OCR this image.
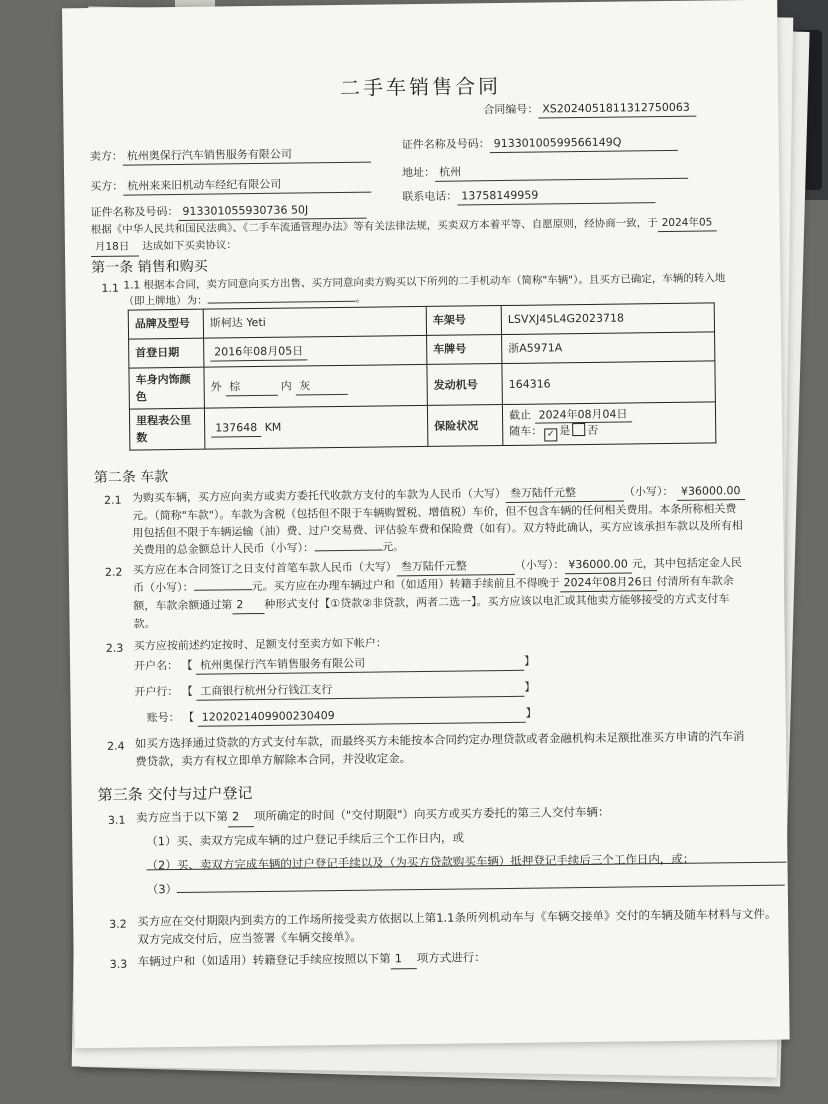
二手车销售合同
合同编号： XS2024051811312750063
卖方： 杭州奥保行汽车销售服务有限公司
证件名称及号码： 91330100599566149Q
买方： 杭州来来旧机动车经纪有限公司
地址： 杭州
证件名称及号码： 913301055930736 50J
联系电话： 13758149959
根据《中华人民共和国民法典》、《二手车流通管理办法》等有关法律法规，买卖双方本着平等、自愿原则，经协商一致，于 2024年05
月18日 达成如下买卖协议：
第一条 销售和购买
1.1 1.1 根据本合同，卖方同意向买方出售、买方同意向卖方购买以下所列的二手机动车（简称"车辆"）。且买方已确定，车辆的转入地（即上牌地）为：	。
品牌及型号	斯柯达 Yeti	车架号	LSVXJ45L4G2023718
首登日期	2016年08月05日	车牌号	浙A5971A
车身内饰颜色	外 棕 内 灰	发动机号	164316
里程表公里数	137648 KM	保险状况	截止 2024年08月04日
随车： ✓ 是 否
第二条 车款
2.1 为购买车辆，买方应向卖方或卖方委托代收款方支付的车款为人民币（大写） 叁万陆仟元整	（小写）： ¥36000.00元。（简称"车款"）。车款为含税（包括但不限于车辆购置税、增值税）车价，但不包含车辆的任何相关费用。本条所称相关费用包括但不限于车辆运输（油）费、过户交易费、评估验车费和保险费（如有）。双方特此确认，买方应该承担车款以及所有相关费用的总金额总计人民币（小写）：	元。
2.2 买方应在本合同签订之日支付首笔车款人民币（大写） 叁万陆仟元整	（小写）： ¥36000.00 元，其中包括定金人民币（小写）：	元。买方应在办理车辆过户和（如适用）转籍手续前且不得晚于 2024年08月26日 付清所有车款余额，车款余额通过第 2 种形式支付【①贷款②非贷款，两者二选一】。买方应该以电汇或其他卖方能够接受的方式支付车款。
2.3 买方应按前述约定按时、足额支付至卖方如下帐户：
开户名： 【 杭州奥保行汽车销售服务有限公司	】
开户行： 【 工商银行杭州分行钱江支行	】
账号： 【 1202021409900230409	】
2.4 如买方选择通过贷款的方式支付车款，而最终买方未能按本合同约定办理贷款或者金融机构未足额批准买方申请的汽车消费贷款，卖方有权立即单方解除本合同，并没收定金。
第三条 交付与过户登记
3.1 卖方应当于以下第 2 项所确定的时间（"交付期限"）向买方或买方委托的第三人交付车辆：
（1）买、卖双方完成车辆的过户登记手续后三个工作日内，或
（2）买、卖双方完成车辆的过户登记手续以及（为买方贷款购买车辆）抵押登记手续后三个工作日内，或；
（3）
3.2 买方应在交付期限内到卖方的工作场所接受卖方依据以上第1.1条所列机动车与《车辆交接单》交付的车辆及随车材料与文件。双方完成交付后，应当签署《车辆交接单》。
3.3 车辆过户和（如适用）转籍登记手续应按照以下第 1 项方式进行：
